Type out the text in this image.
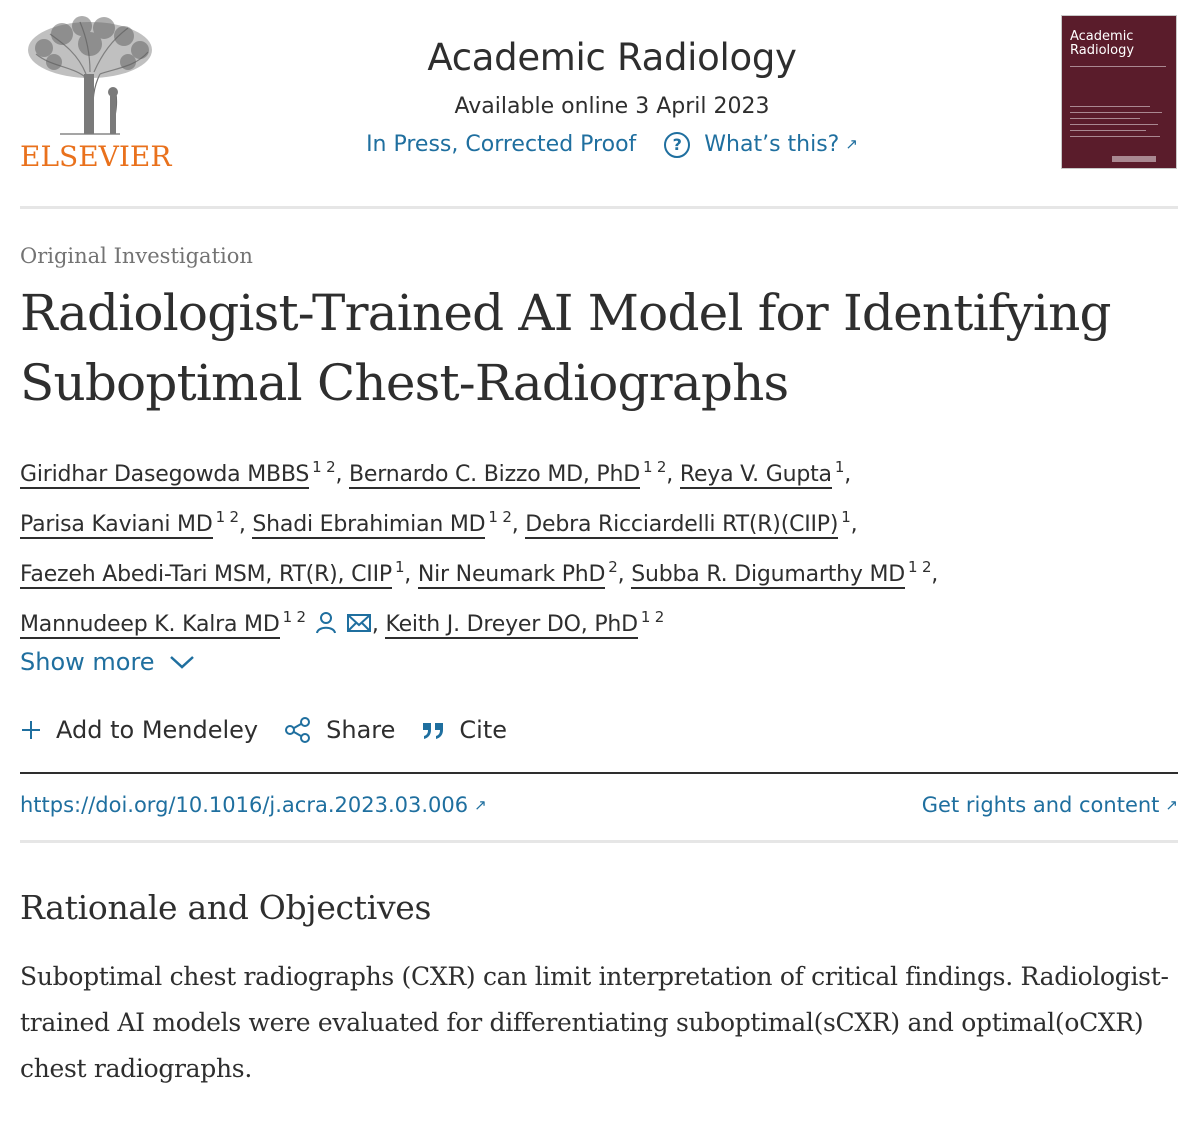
ELSEVIER
Academic Radiology
Available online 3 April 2023
In Press, Corrected Proof ? What’s this? ↗
Academic
Radiology
Original Investigation
Radiologist-Trained AI Model for Identifying Suboptimal Chest-Radiographs
Giridhar Dasegowda MBBS $^{1 2}$, Bernardo C. Bizzo MD, PhD $^{1 2}$, Reya V. Gupta $^1$,
Parisa Kaviani MD $^{1 2}$, Shadi Ebrahimian MD $^{1 2}$, Debra Ricciardelli RT(R)(CIIP) $^1$,
Faezeh Abedi-Tari MSM, RT(R), CIIP $^1$, Nir Neumark PhD $^2$, Subba R. Digumarthy MD $^{1 2}$,
Mannudeep K. Kalra MD $^{1 2}$	, Keith J. Dreyer DO, PhD $^{1 2}$
Show more
Add to Mendeley	Share	Cite
https://doi.org/10.1016/j.acra.2023.03.006 ↗	Get rights and content ↗
Rationale and Objectives
Suboptimal chest radiographs (CXR) can limit interpretation of critical findings. Radiologist-trained AI models were evaluated for differentiating suboptimal(sCXR) and optimal(oCXR) chest radiographs.
